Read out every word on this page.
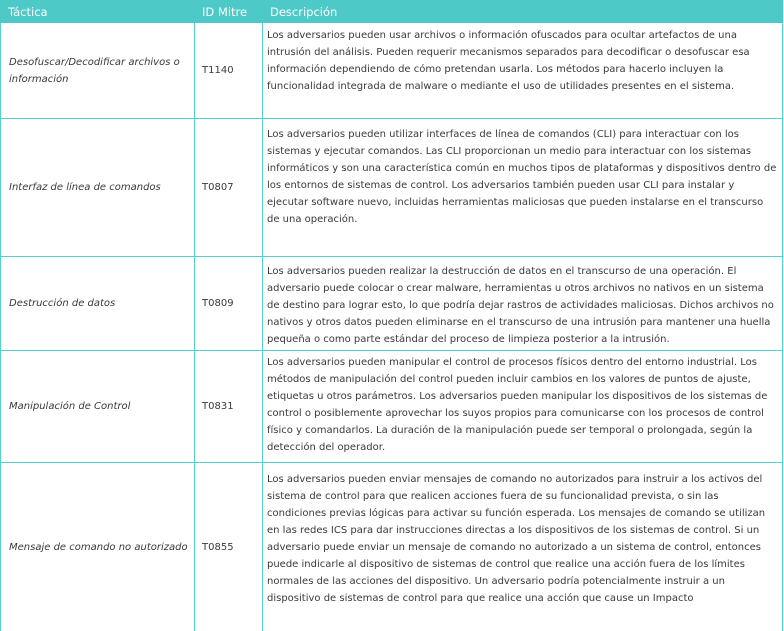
Táctica	ID Mitre	Descripción
Desofuscar/Decodificar archivos o información	T1140	Los adversarios pueden usar archivos o información ofuscados para ocultar artefactos de una intrusión del análisis. Pueden requerir mecanismos separados para decodificar o desofuscar esa información dependiendo de cómo pretendan usarla. Los métodos para hacerlo incluyen la funcionalidad integrada de malware o mediante el uso de utilidades presentes en el sistema.
Interfaz de línea de comandos	T0807	Los adversarios pueden utilizar interfaces de línea de comandos (CLI) para interactuar con los sistemas y ejecutar comandos. Las CLI proporcionan un medio para interactuar con los sistemas informáticos y son una característica común en muchos tipos de plataformas y dispositivos dentro de los entornos de sistemas de control. Los adversarios también pueden usar CLI para instalar y ejecutar software nuevo, incluidas herramientas maliciosas que pueden instalarse en el transcurso de una operación.
Destrucción de datos	T0809	Los adversarios pueden realizar la destrucción de datos en el transcurso de una operación. El adversario puede colocar o crear malware, herramientas u otros archivos no nativos en un sistema de destino para lograr esto, lo que podría dejar rastros de actividades maliciosas. Dichos archivos no nativos y otros datos pueden eliminarse en el transcurso de una intrusión para mantener una huella pequeña o como parte estándar del proceso de limpieza posterior a la intrusión.
Manipulación de Control	T0831	Los adversarios pueden manipular el control de procesos físicos dentro del entorno industrial. Los métodos de manipulación del control pueden incluir cambios en los valores de puntos de ajuste, etiquetas u otros parámetros. Los adversarios pueden manipular los dispositivos de los sistemas de control o posiblemente aprovechar los suyos propios para comunicarse con los procesos de control físico y comandarlos. La duración de la manipulación puede ser temporal o prolongada, según la detección del operador.
Mensaje de comando no autorizado	T0855	Los adversarios pueden enviar mensajes de comando no autorizados para instruir a los activos del sistema de control para que realicen acciones fuera de su funcionalidad prevista, o sin las condiciones previas lógicas para activar su función esperada. Los mensajes de comando se utilizan en las redes ICS para dar instrucciones directas a los dispositivos de los sistemas de control. Si un adversario puede enviar un mensaje de comando no autorizado a un sistema de control, entonces puede indicarle al dispositivo de sistemas de control que realice una acción fuera de los límites normales de las acciones del dispositivo. Un adversario podría potencialmente instruir a un dispositivo de sistemas de control para que realice una acción que cause un Impacto
